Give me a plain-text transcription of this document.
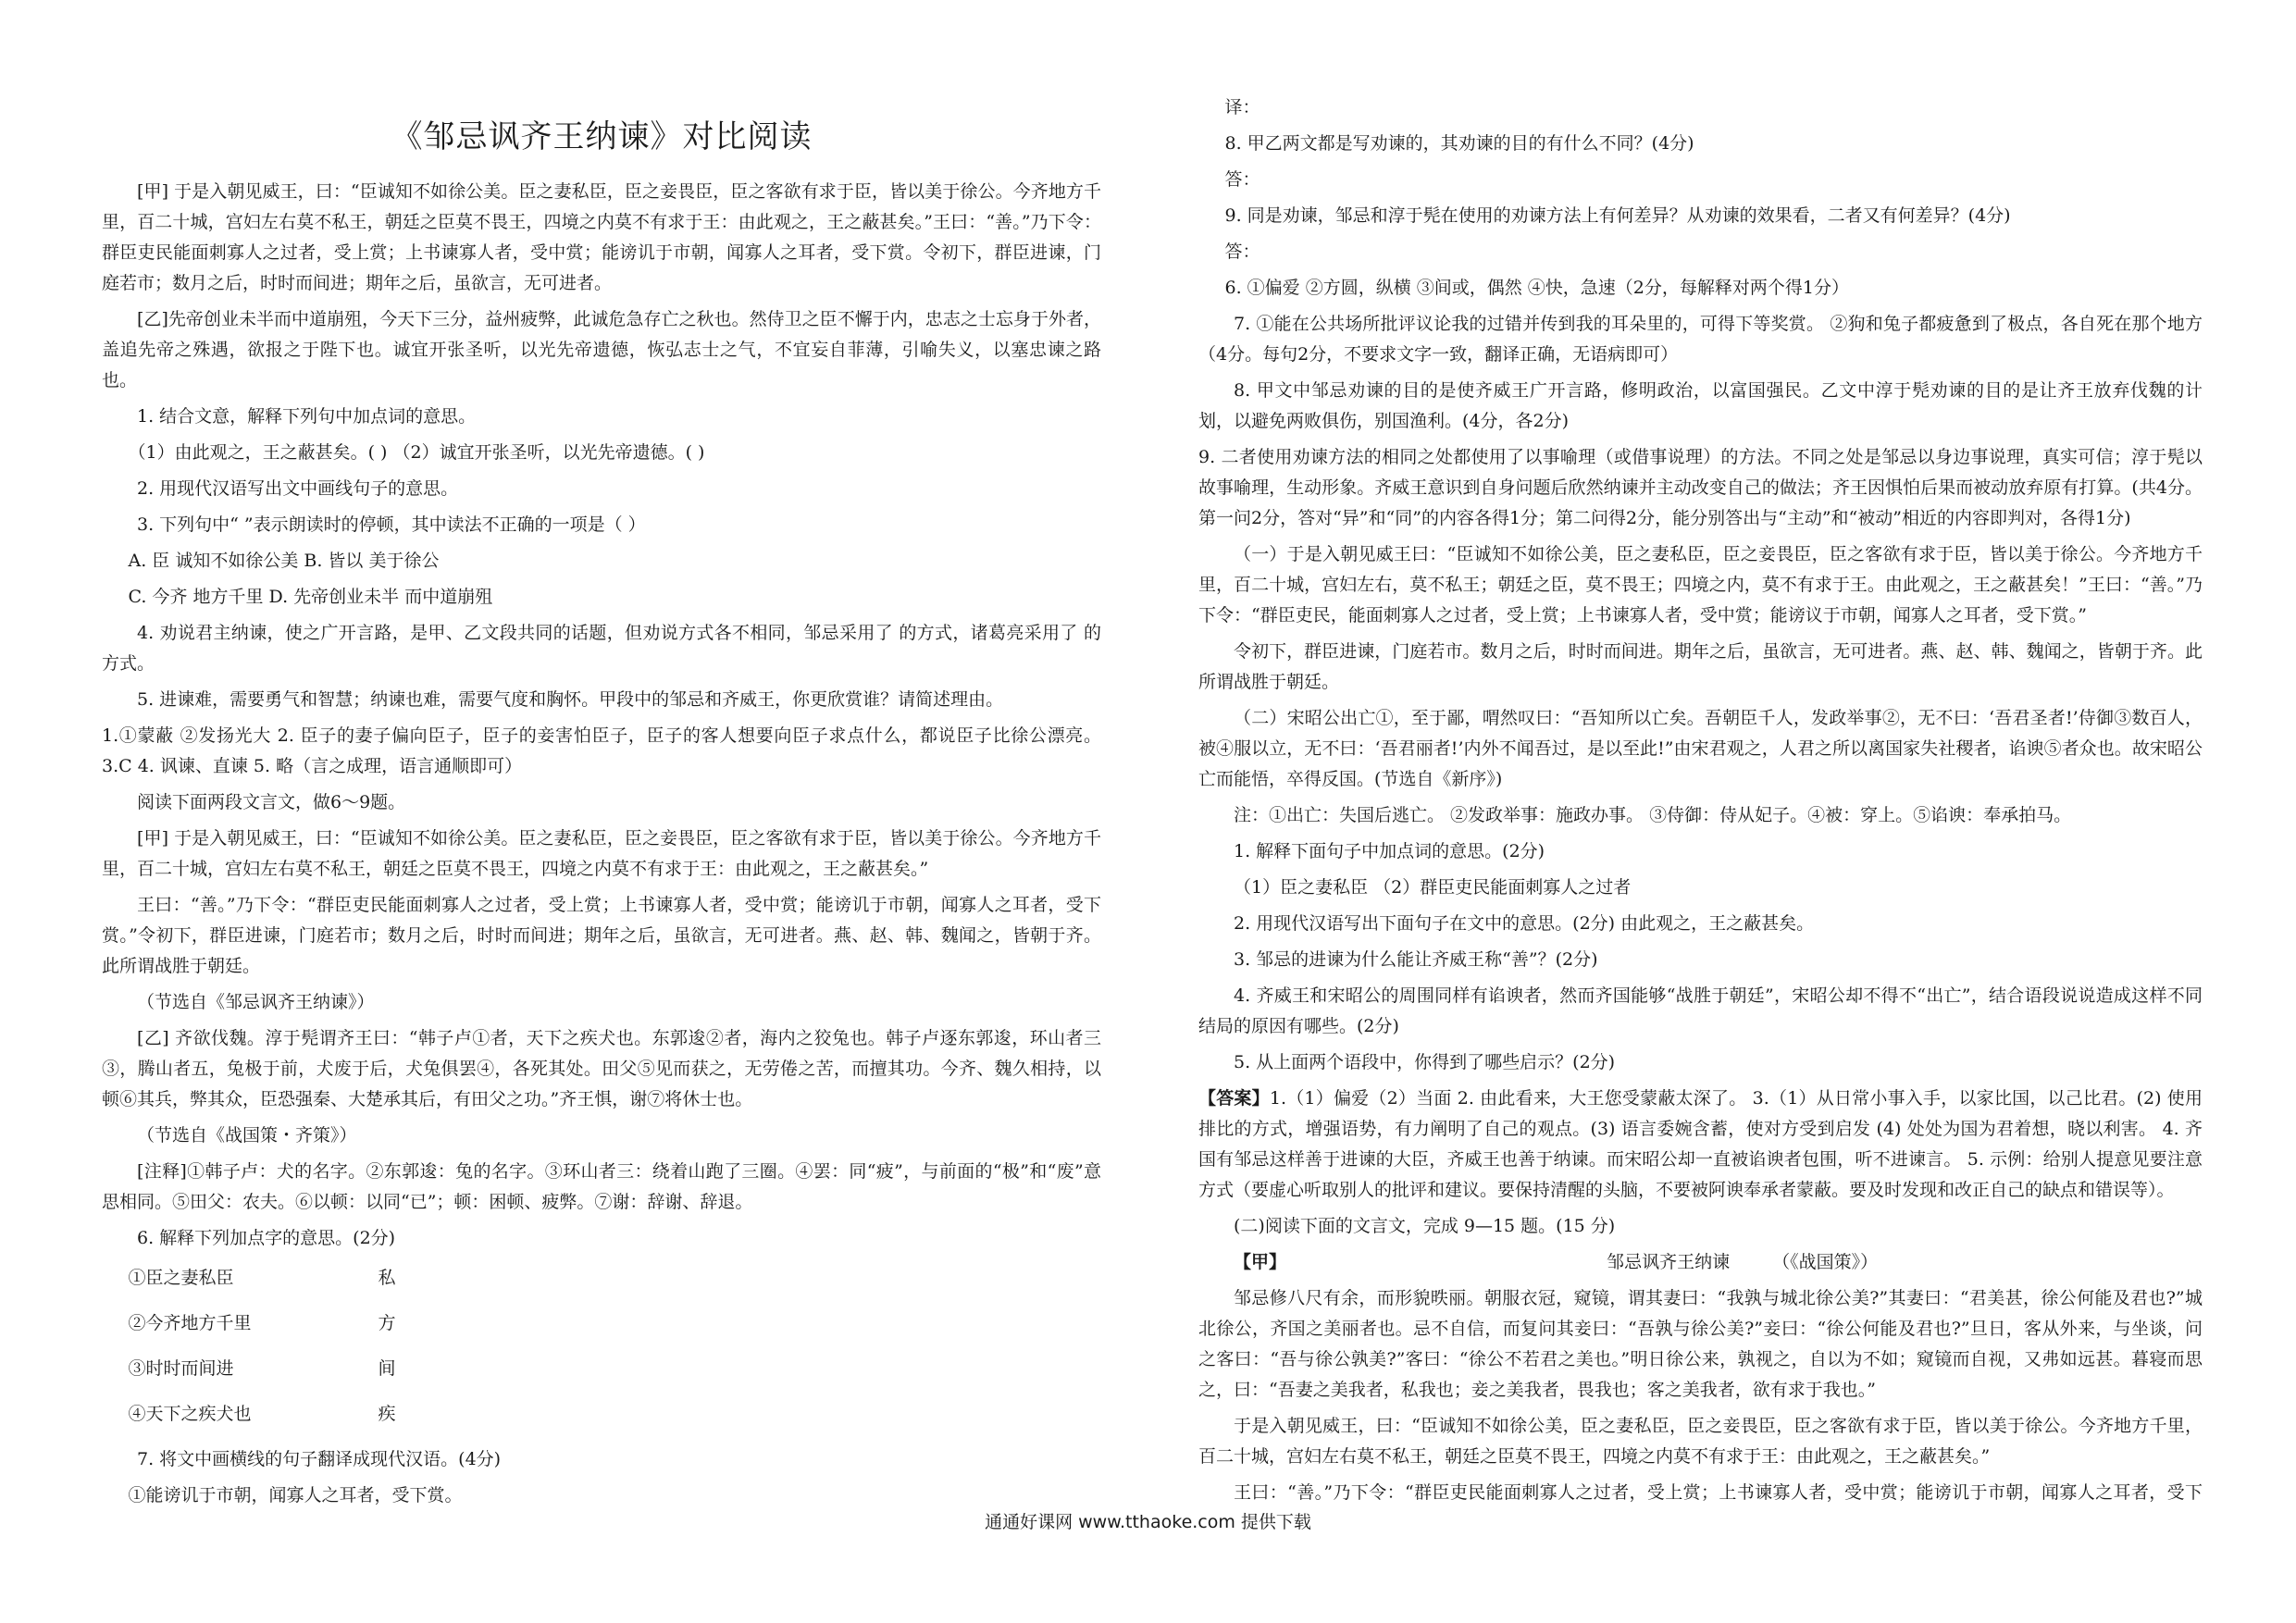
《邹忌讽齐王纳谏》对比阅读
[甲] 于是入朝见威王，曰：“臣诚知不如徐公美。臣之妻私臣，臣之妾畏臣，臣之客欲有求于臣，皆以美于徐公。今齐地方千里，百二十城，宫妇左右莫不私王，朝廷之臣莫不畏王，四境之内莫不有求于王：由此观之，王之蔽甚矣。”王曰：“善。”乃下令：群臣吏民能面刺寡人之过者，受上赏；上书谏寡人者，受中赏；能谤讥于市朝，闻寡人之耳者，受下赏。令初下，群臣进谏，门庭若市；数月之后，时时而间进；期年之后，虽欲言，无可进者。
[乙]先帝创业未半而中道崩殂，今天下三分，益州疲弊，此诚危急存亡之秋也。然侍卫之臣不懈于内，忠志之士忘身于外者，盖追先帝之殊遇，欲报之于陛下也。诚宜开张圣听，以光先帝遗德，恢弘志士之气，不宜妄自菲薄，引喻失义，以塞忠谏之路也。
1. 结合文意，解释下列句中加点词的意思。
（1）由此观之，王之蔽甚矣。( ) （2）诚宜开张圣听，以光先帝遗德。( )
2. 用现代汉语写出文中画线句子的意思。
3. 下列句中“ ”表示朗读时的停顿，其中读法不正确的一项是（ ）
A. 臣 诚知不如徐公美 B. 皆以 美于徐公
C. 今齐 地方千里 D. 先帝创业未半 而中道崩殂
4. 劝说君主纳谏，使之广开言路，是甲、乙文段共同的话题，但劝说方式各不相同，邹忌采用了 的方式，诸葛亮采用了 的方式。
5. 进谏难，需要勇气和智慧；纳谏也难，需要气度和胸怀。甲段中的邹忌和齐威王，你更欣赏谁？请简述理由。
1.①蒙蔽 ②发扬光大 2. 臣子的妻子偏向臣子，臣子的妾害怕臣子，臣子的客人想要向臣子求点什么，都说臣子比徐公漂亮。 3.C 4. 讽谏、直谏 5. 略（言之成理，语言通顺即可）
阅读下面两段文言文，做6～9题。
[甲] 于是入朝见威王，曰：“臣诚知不如徐公美。臣之妻私臣，臣之妾畏臣，臣之客欲有求于臣，皆以美于徐公。今齐地方千里，百二十城，宫妇左右莫不私王，朝廷之臣莫不畏王，四境之内莫不有求于王：由此观之，王之蔽甚矣。”
王曰：“善。”乃下令：“群臣吏民能面刺寡人之过者，受上赏；上书谏寡人者，受中赏；能谤讥于市朝，闻寡人之耳者，受下赏。”令初下，群臣进谏，门庭若市；数月之后，时时而间进；期年之后，虽欲言，无可进者。燕、赵、韩、魏闻之，皆朝于齐。此所谓战胜于朝廷。
（节选自《邹忌讽齐王纳谏》）
[乙] 齐欲伐魏。淳于髡谓齐王曰：“韩子卢①者，天下之疾犬也。东郭逡②者，海内之狡兔也。韩子卢逐东郭逡，环山者三③，腾山者五，兔极于前，犬废于后，犬兔俱罢④，各死其处。田父⑤见而获之，无劳倦之苦，而擅其功。今齐、魏久相持，以顿⑥其兵，弊其众，臣恐强秦、大楚承其后，有田父之功。”齐王惧，谢⑦将休士也。
（节选自《战国策・齐策》）
[注释]①韩子卢：犬的名字。②东郭逡：兔的名字。③环山者三：绕着山跑了三圈。④罢：同“疲”，与前面的“极”和“废”意思相同。⑤田父：农夫。⑥以顿：以同“已”；顿：困顿、疲弊。⑦谢：辞谢、辞退。
6. 解释下列加点字的意思。(2分)
①臣之妻私臣	私
②今齐地方千里	方
③时时而间进	间
④天下之疾犬也	疾
7. 将文中画横线的句子翻译成现代汉语。(4分)
①能谤讥于市朝，闻寡人之耳者，受下赏。
译：
8. 甲乙两文都是写劝谏的，其劝谏的目的有什么不同？(4分)
答：
9. 同是劝谏，邹忌和淳于髡在使用的劝谏方法上有何差异？从劝谏的效果看，二者又有何差异？(4分)
答：
6. ①偏爱 ②方圆，纵横 ③间或，偶然 ④快，急速（2分，每解释对两个得1分）
7. ①能在公共场所批评议论我的过错并传到我的耳朵里的，可得下等奖赏。 ②狗和兔子都疲惫到了极点，各自死在那个地方（4分。每句2分，不要求文字一致，翻译正确，无语病即可）
8. 甲文中邹忌劝谏的目的是使齐威王广开言路，修明政治，以富国强民。乙文中淳于髡劝谏的目的是让齐王放弃伐魏的计划，以避免两败俱伤，别国渔利。(4分，各2分)
9. 二者使用劝谏方法的相同之处都使用了以事喻理（或借事说理）的方法。不同之处是邹忌以身边事说理，真实可信；淳于髡以故事喻理，生动形象。齐威王意识到自身问题后欣然纳谏并主动改变自己的做法；齐王因惧怕后果而被动放弃原有打算。(共4分。第一问2分，答对“异”和“同”的内容各得1分；第二问得2分，能分别答出与“主动”和“被动”相近的内容即判对，各得1分)
（一）于是入朝见威王曰：“臣诚知不如徐公美，臣之妻私臣，臣之妾畏臣，臣之客欲有求于臣，皆以美于徐公。今齐地方千里，百二十城，宫妇左右，莫不私王；朝廷之臣，莫不畏王；四境之内，莫不有求于王。由此观之，王之蔽甚矣！”王曰：“善。”乃下令：“群臣吏民，能面刺寡人之过者，受上赏；上书谏寡人者，受中赏；能谤议于市朝，闻寡人之耳者，受下赏。”
令初下，群臣进谏，门庭若市。数月之后，时时而间进。期年之后，虽欲言，无可进者。燕、赵、韩、魏闻之，皆朝于齐。此所谓战胜于朝廷。
（二）宋昭公出亡①，至于鄙，喟然叹曰：“吾知所以亡矣。吾朝臣千人，发政举事②，无不曰：‘吾君圣者!’侍御③数百人，被④服以立，无不曰：‘吾君丽者!’内外不闻吾过，是以至此!”由宋君观之，人君之所以离国家失社稷者，谄谀⑤者众也。故宋昭公亡而能悟，卒得反国。(节选自《新序》)
注：①出亡：失国后逃亡。 ②发政举事：施政办事。 ③侍御：侍从妃子。④被：穿上。⑤谄谀：奉承拍马。
1. 解释下面句子中加点词的意思。(2分)
（1）臣之妻私臣 （2）群臣吏民能面刺寡人之过者
2. 用现代汉语写出下面句子在文中的意思。(2分) 由此观之，王之蔽甚矣。
3. 邹忌的进谏为什么能让齐威王称“善”？(2分)
4. 齐威王和宋昭公的周围同样有谄谀者，然而齐国能够“战胜于朝廷”，宋昭公却不得不“出亡”，结合语段说说造成这样不同结局的原因有哪些。(2分)
5. 从上面两个语段中，你得到了哪些启示？(2分)
【答案】1.（1）偏爱（2）当面 2. 由此看来，大王您受蒙蔽太深了。 3.（1）从日常小事入手，以家比国，以己比君。(2) 使用排比的方式，增强语势，有力阐明了自己的观点。(3) 语言委婉含蓄，使对方受到启发 (4) 处处为国为君着想，晓以利害。 4. 齐国有邹忌这样善于进谏的大臣，齐威王也善于纳谏。而宋昭公却一直被谄谀者包围，听不进谏言。 5. 示例：给别人提意见要注意方式（要虚心听取别人的批评和建议。要保持清醒的头脑，不要被阿谀奉承者蒙蔽。要及时发现和改正自己的缺点和错误等）。
(二)阅读下面的文言文，完成 9—15 题。(15 分)
【甲】	邹忌讽齐王纳谏 （《战国策》）
邹忌修八尺有余，而形貌昳丽。朝服衣冠，窥镜，谓其妻曰：“我孰与城北徐公美?”其妻曰：“君美甚，徐公何能及君也?”城北徐公，齐国之美丽者也。忌不自信，而复问其妾曰：“吾孰与徐公美?”妾曰：“徐公何能及君也?”旦日，客从外来，与坐谈，问之客曰：“吾与徐公孰美?”客曰：“徐公不若君之美也。”明日徐公来，孰视之，自以为不如；窥镜而自视，又弗如远甚。暮寝而思之，曰：“吾妻之美我者，私我也；妾之美我者，畏我也；客之美我者，欲有求于我也。”
于是入朝见威王，曰：“臣诚知不如徐公美，臣之妻私臣，臣之妾畏臣，臣之客欲有求于臣，皆以美于徐公。今齐地方千里，百二十城，宫妇左右莫不私王，朝廷之臣莫不畏王，四境之内莫不有求于王：由此观之，王之蔽甚矣。”
王曰：“善。”乃下令：“群臣吏民能面刺寡人之过者，受上赏；上书谏寡人者，受中赏；能谤讥于市朝，闻寡人之耳者，受下
通通好课网 www.tthaoke.com 提供下载
